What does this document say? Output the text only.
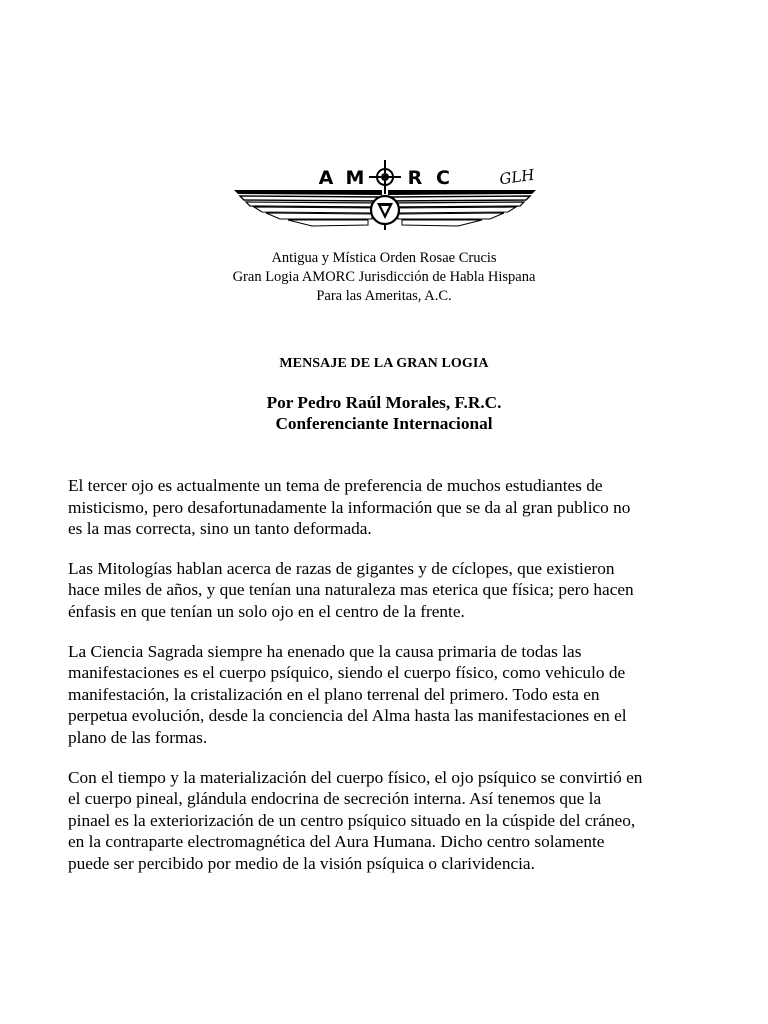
A M R C	GLH
Antigua y Mística Orden Rosae Crucis
Gran Logia AMORC Jurisdicción de Habla Hispana
Para las Ameritas, A.C.
MENSAJE DE LA GRAN LOGIA
Por Pedro Raúl Morales, F.R.C.
Conferenciante Internacional
El tercer ojo es actualmente un tema de preferencia de muchos estudiantes de
misticismo, pero desafortunadamente la información que se da al gran publico no
es la mas correcta, sino un tanto deformada.
Las Mitologías hablan acerca de razas de gigantes y de cíclopes, que existieron
hace miles de años, y que tenían una naturaleza mas eterica que física; pero hacen
énfasis en que tenían un solo ojo en el centro de la frente.
La Ciencia Sagrada siempre ha enenado que la causa primaria de todas las
manifestaciones es el cuerpo psíquico, siendo el cuerpo físico, como vehiculo de
manifestación, la cristalización en el plano terrenal del primero. Todo esta en
perpetua evolución, desde la conciencia del Alma hasta las manifestaciones en el
plano de las formas.
Con el tiempo y la materialización del cuerpo físico, el ojo psíquico se convirtió en
el cuerpo pineal, glándula endocrina de secreción interna. Así tenemos que la
pinael es la exteriorización de un centro psíquico situado en la cúspide del cráneo,
en la contraparte electromagnética del Aura Humana. Dicho centro solamente
puede ser percibido por medio de la visión psíquica o clarividencia.
